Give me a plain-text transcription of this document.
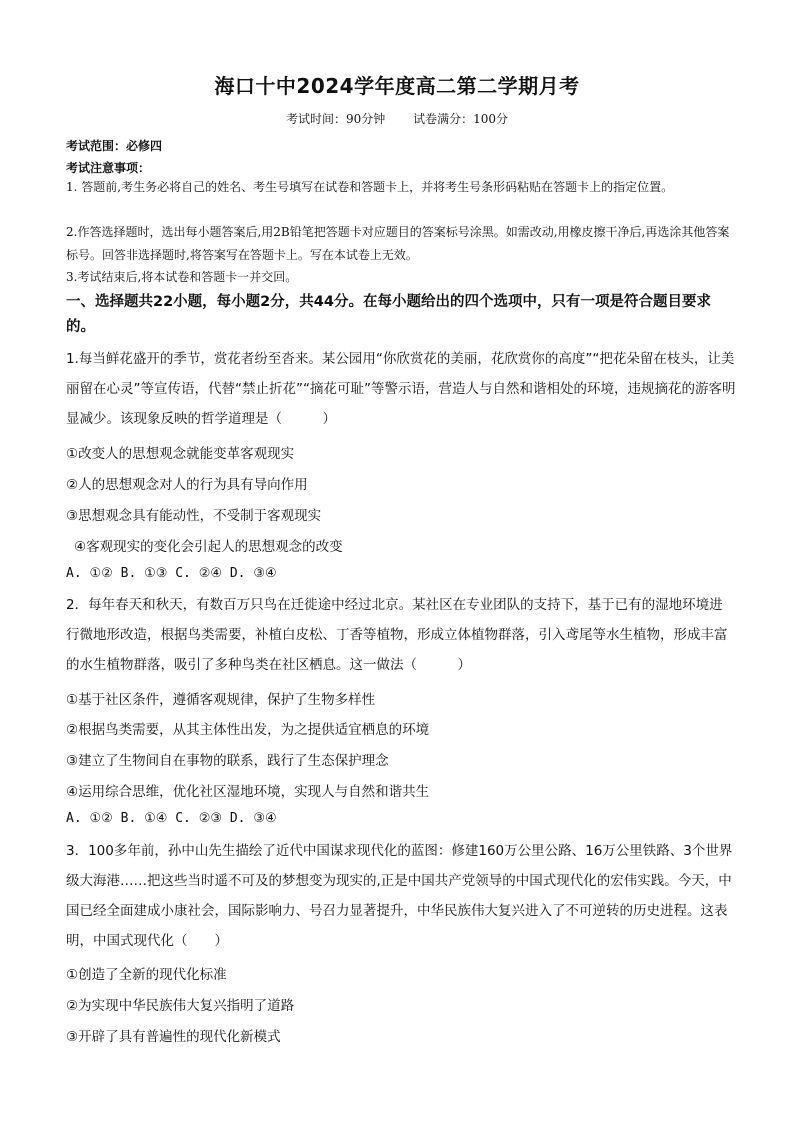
海口十中2024学年度高二第二学期月考
考试时间：90分钟 试卷满分：100分
考试范围：必修四
考试注意事项：
1. 答题前,考生务必将自己的姓名、考生号填写在试卷和答题卡上，并将考生号条形码粘贴在答题卡上的指定位置。
2.作答选择题时，选出每小题答案后,用2B铅笔把答题卡对应题目的答案标号涂黑。如需改动,用橡皮擦干净后,再选涂其他答案标号。回答非选择题时,将答案写在答题卡上。写在本试卷上无效。
3.考试结束后,将本试卷和答题卡一并交回。
一、选择题共22小题，每小题2分，共44分。在每小题给出的四个选项中，只有一项是符合题目要求的。
1.每当鲜花盛开的季节，赏花者纷至沓来。某公园用“你欣赏花的美丽，花欣赏你的高度”“把花朵留在枝头，让美丽留在心灵”等宣传语，代替“禁止折花”“摘花可耻”等警示语，营造人与自然和谐相处的环境，违规摘花的游客明显减少。该现象反映的哲学道理是（　　　）
①改变人的思想观念就能变革客观现实
②人的思想观念对人的行为具有导向作用
③思想观念具有能动性，不受制于客观现实
④客观现实的变化会引起人的思想观念的改变
A. ①② B. ①③ C. ②④ D. ③④
2．每年春天和秋天，有数百万只鸟在迁徙途中经过北京。某社区在专业团队的支持下，基于已有的湿地环境进行微地形改造，根据鸟类需要，补植白皮松、丁香等植物，形成立体植物群落，引入鸢尾等水生植物，形成丰富的水生植物群落，吸引了多种鸟类在社区栖息。这一做法（　　　）
①基于社区条件，遵循客观规律，保护了生物多样性
②根据鸟类需要，从其主体性出发，为之提供适宜栖息的环境
③建立了生物间自在事物的联系，践行了生态保护理念
④运用综合思维，优化社区湿地环境，实现人与自然和谐共生
A. ①② B. ①④ C. ②③ D. ③④
3．100多年前，孙中山先生描绘了近代中国谋求现代化的蓝图：修建160万公里公路、16万公里铁路、3个世界级大海港……把这些当时遥不可及的梦想变为现实的,正是中国共产党领导的中国式现代化的宏伟实践。今天，中国已经全面建成小康社会，国际影响力、号召力显著提升，中华民族伟大复兴进入了不可逆转的历史进程。这表明，中国式现代化（　　）
①创造了全新的现代化标准
②为实现中华民族伟大复兴指明了道路
③开辟了具有普遍性的现代化新模式
